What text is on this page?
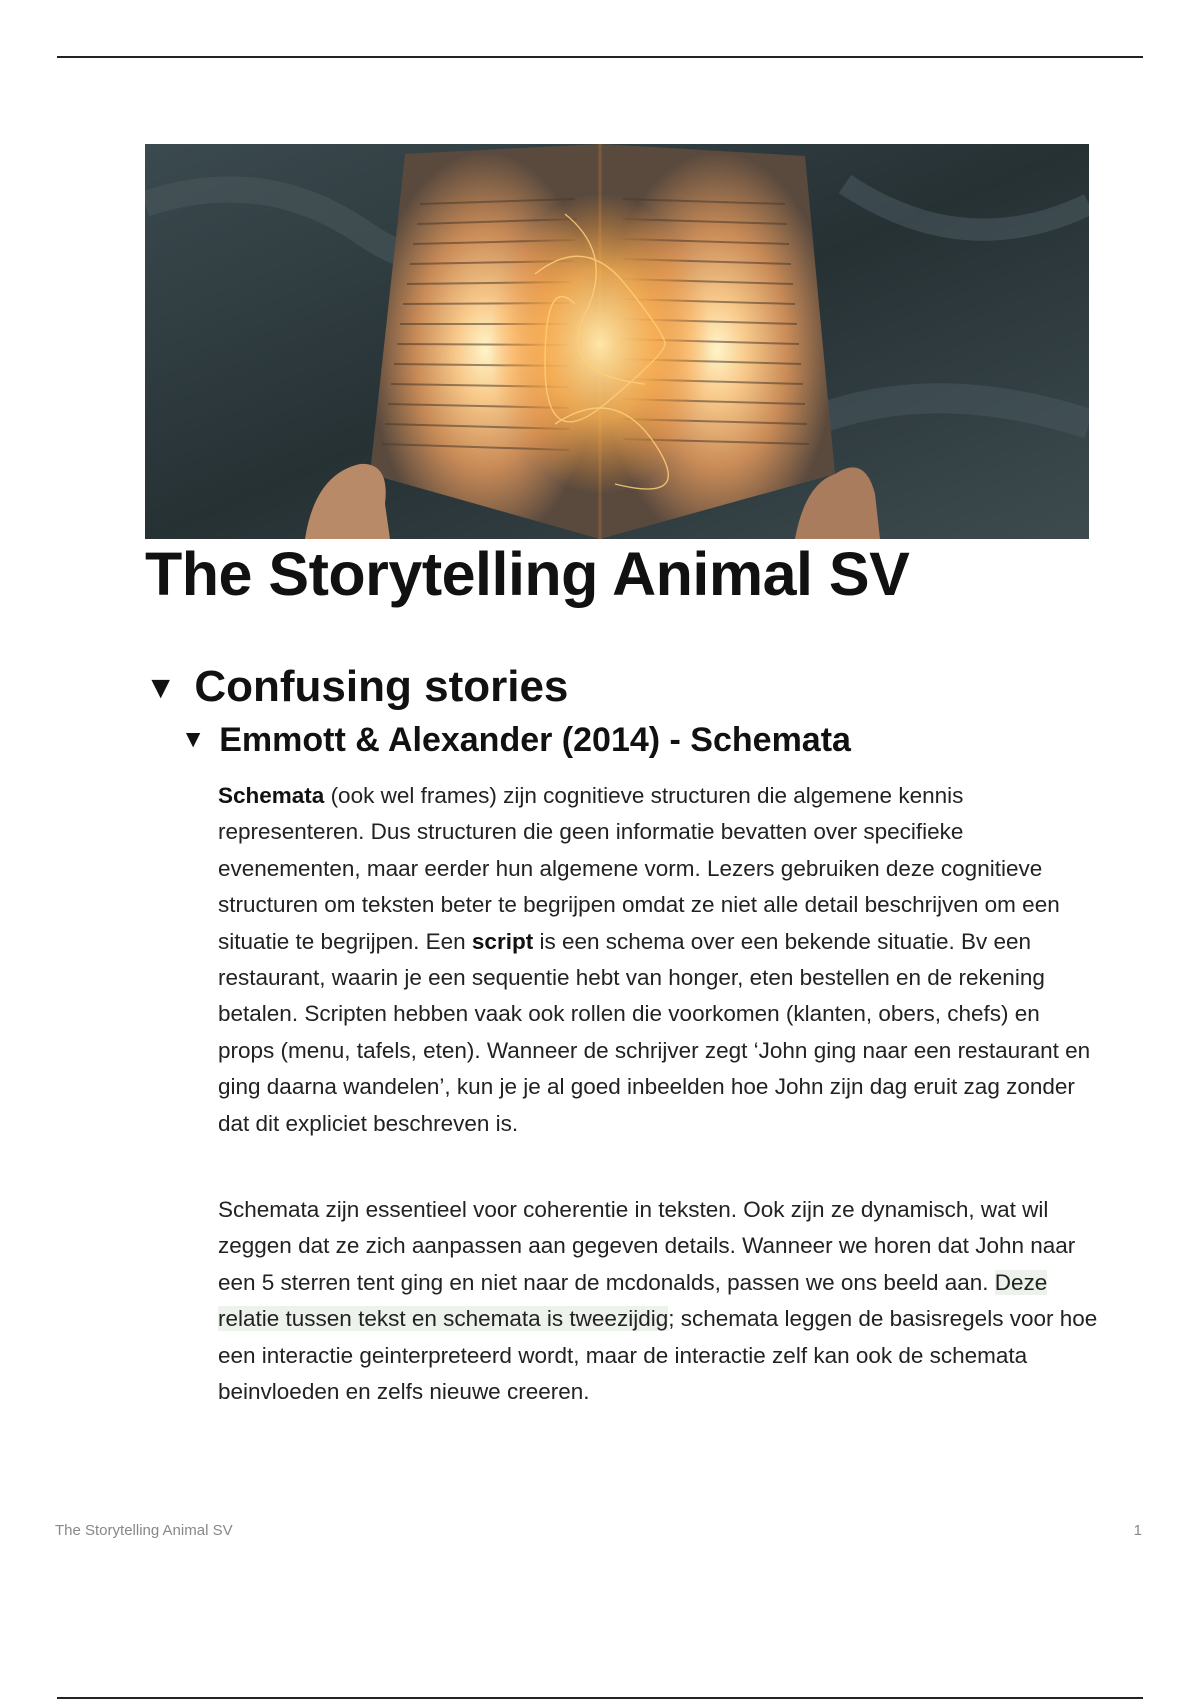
The Storytelling Animal SV
▼ Confusing stories
▼ Emmott & Alexander (2014) - Schemata

Schemata (ook wel frames) zijn cognitieve structuren die algemene kennis representeren. Dus structuren die geen informatie bevatten over specifieke evenementen, maar eerder hun algemene vorm. Lezers gebruiken deze cognitieve structuren om teksten beter te begrijpen omdat ze niet alle detail beschrijven om een situatie te begrijpen. Een script is een schema over een bekende situatie. Bv een restaurant, waarin je een sequentie hebt van honger, eten bestellen en de rekening betalen. Scripten hebben vaak ook rollen die voorkomen (klanten, obers, chefs) en props (menu, tafels, eten). Wanneer de schrijver zegt ‘John ging naar een restaurant en ging daarna wandelen’, kun je je al goed inbeelden hoe John zijn dag eruit zag zonder dat dit expliciet beschreven is.

Schemata zijn essentieel voor coherentie in teksten. Ook zijn ze dynamisch, wat wil zeggen dat ze zich aanpassen aan gegeven details. Wanneer we horen dat John naar een 5 sterren tent ging en niet naar de mcdonalds, passen we ons beeld aan. Deze relatie tussen tekst en schemata is tweezijdig; schemata leggen de basisregels voor hoe een interactie geinterpreteerd wordt, maar de interactie zelf kan ook de schemata beinvloeden en zelfs nieuwe creeren.

The Storytelling Animal SV	1
